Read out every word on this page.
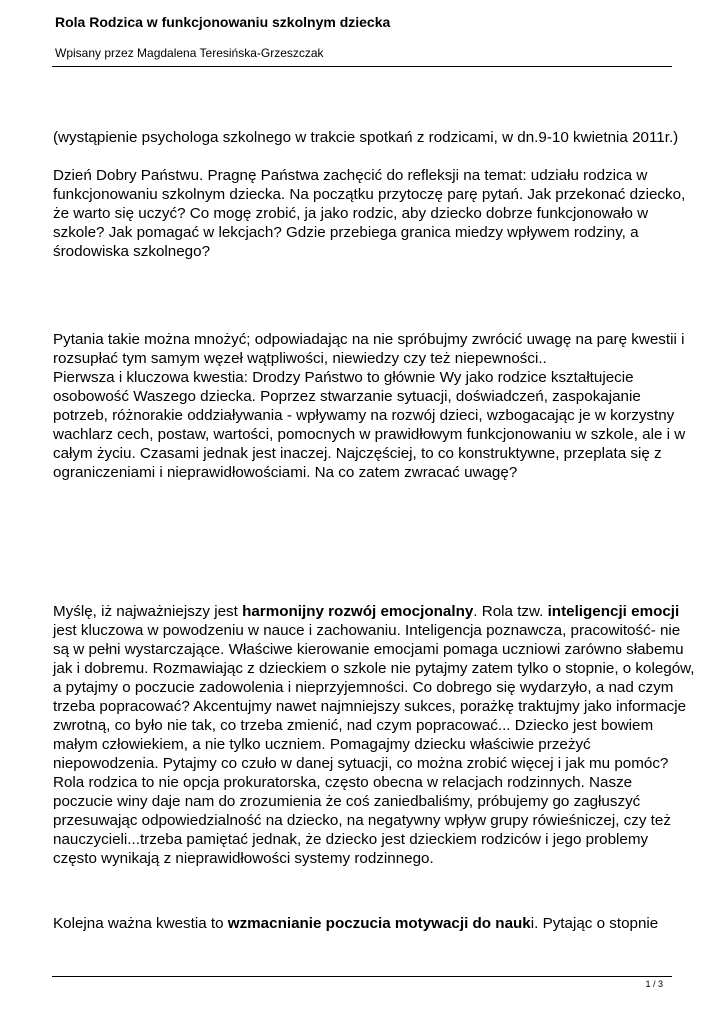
Rola Rodzica w funkcjonowaniu szkolnym dziecka
Wpisany przez Magdalena Teresińska-Grzeszczak
(wystąpienie psychologa szkolnego w trakcie spotkań z rodzicami, w dn.9-10 kwietnia 2011r.)
Dzień Dobry Państwu. Pragnę Państwa zachęcić do refleksji na temat: udziału rodzica w
funkcjonowaniu szkolnym dziecka. Na początku przytoczę parę pytań. Jak przekonać dziecko,
że warto się uczyć? Co mogę zrobić, ja jako rodzic, aby dziecko dobrze funkcjonowało w
szkole? Jak pomagać w lekcjach? Gdzie przebiega granica miedzy wpływem rodziny, a
środowiska szkolnego?
Pytania takie można mnożyć; odpowiadając na nie spróbujmy zwrócić uwagę na parę kwestii i
rozsupłać tym samym węzeł wątpliwości, niewiedzy czy też niepewności..
Pierwsza i kluczowa kwestia: Drodzy Państwo to głównie Wy jako rodzice kształtujecie
osobowość Waszego dziecka. Poprzez stwarzanie sytuacji, doświadczeń, zaspokajanie
potrzeb, różnorakie oddziaływania - wpływamy na rozwój dzieci, wzbogacając je w korzystny
wachlarz cech, postaw, wartości, pomocnych w prawidłowym funkcjonowaniu w szkole, ale i w
całym życiu. Czasami jednak jest inaczej. Najczęściej, to co konstruktywne, przeplata się z
ograniczeniami i nieprawidłowościami. Na co zatem zwracać uwagę?
Myślę, iż najważniejszy jest harmonijny rozwój emocjonalny. Rola tzw. inteligencji emocji
jest kluczowa w powodzeniu w nauce i zachowaniu. Inteligencja poznawcza, pracowitość- nie
są w pełni wystarczające. Właściwe kierowanie emocjami pomaga uczniowi zarówno słabemu
jak i dobremu. Rozmawiając z dzieckiem o szkole nie pytajmy zatem tylko o stopnie, o kolegów,
a pytajmy o poczucie zadowolenia i nieprzyjemności. Co dobrego się wydarzyło, a nad czym
trzeba popracować? Akcentujmy nawet najmniejszy sukces, porażkę traktujmy jako informacje
zwrotną, co było nie tak, co trzeba zmienić, nad czym popracować... Dziecko jest bowiem
małym człowiekiem, a nie tylko uczniem. Pomagajmy dziecku właściwie przeżyć
niepowodzenia. Pytajmy co czuło w danej sytuacji, co można zrobić więcej i jak mu pomóc?
Rola rodzica to nie opcja prokuratorska, często obecna w relacjach rodzinnych. Nasze
poczucie winy daje nam do zrozumienia że coś zaniedbaliśmy, próbujemy go zagłuszyć
przesuwając odpowiedzialność na dziecko, na negatywny wpływ grupy rówieśniczej, czy też
nauczycieli...trzeba pamiętać jednak, że dziecko jest dzieckiem rodziców i jego problemy
często wynikają z nieprawidłowości systemy rodzinnego.
Kolejna ważna kwestia to wzmacnianie poczucia motywacji do nauki. Pytając o stopnie
1 / 3
